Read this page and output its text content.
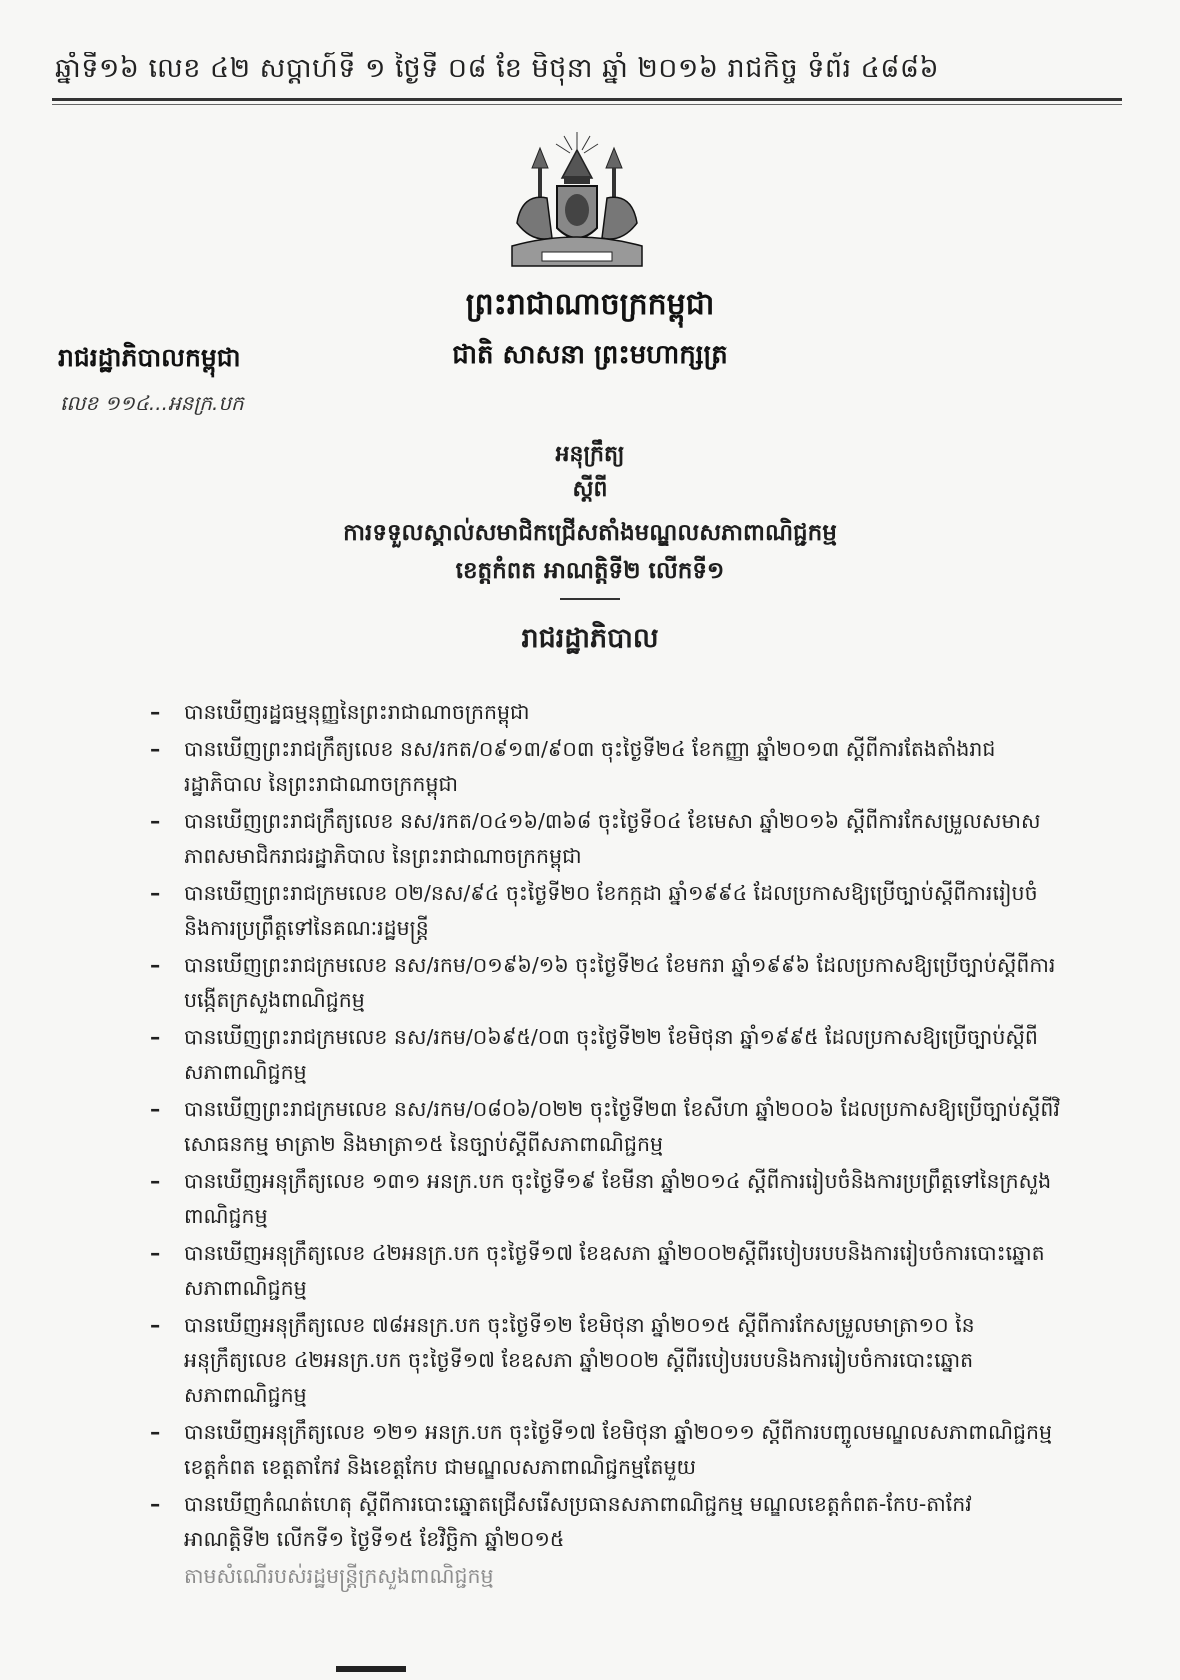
ឆ្នាំទី១៦ លេខ ៤២ សប្ដាហ៍ទី ១ ថ្ងៃទី ០៨ ខែ មិថុនា ឆ្នាំ ២០១៦ រាជកិច្ច ទំព័រ ៤៨៨៦
ព្រះរាជាណាចក្រកម្ពុជា
រាជរដ្ឋាភិបាលកម្ពុជា	ជាតិ សាសនា ព្រះមហាក្សត្រ
លេខ ១១៤...អនក្រ.បក
អនុក្រឹត្យ
ស្ដីពី
ការទទួលស្គាល់សមាជិកជ្រើសតាំងមណ្ឌលសភាពាណិជ្ជកម្ម
ខេត្តកំពត អាណត្តិទី២ លើកទី១
រាជរដ្ឋាភិបាល
– បានឃើញរដ្ឋធម្មនុញ្ញនៃព្រះរាជាណាចក្រកម្ពុជា
– បានឃើញព្រះរាជក្រឹត្យលេខ នស/រកត/០៩១៣/៩០៣ ចុះថ្ងៃទី២៤ ខែកញ្ញា ឆ្នាំ២០១៣ ស្ដីពីការតែងតាំងរាជរដ្ឋាភិបាល នៃព្រះរាជាណាចក្រកម្ពុជា
– បានឃើញព្រះរាជក្រឹត្យលេខ នស/រកត/០៤១៦/៣៦៨ ចុះថ្ងៃទី០៤ ខែមេសា ឆ្នាំ២០១៦ ស្ដីពីការកែសម្រួលសមាសភាពសមាជិករាជរដ្ឋាភិបាល នៃព្រះរាជាណាចក្រកម្ពុជា
– បានឃើញព្រះរាជក្រមលេខ ០២/នស/៩៤ ចុះថ្ងៃទី២០ ខែកក្កដា ឆ្នាំ១៩៩៤ ដែលប្រកាសឱ្យប្រើច្បាប់ស្ដីពីការរៀបចំ និងការប្រព្រឹត្តទៅនៃគណៈរដ្ឋមន្ត្រី
– បានឃើញព្រះរាជក្រមលេខ នស/រកម/០១៩៦/១៦ ចុះថ្ងៃទី២៤ ខែមករា ឆ្នាំ១៩៩៦ ដែលប្រកាសឱ្យប្រើច្បាប់ស្ដីពីការបង្កើតក្រសួងពាណិជ្ជកម្ម
– បានឃើញព្រះរាជក្រមលេខ នស/រកម/០៦៩៥/០៣ ចុះថ្ងៃទី២២ ខែមិថុនា ឆ្នាំ១៩៩៥ ដែលប្រកាសឱ្យប្រើច្បាប់ស្ដីពីសភាពាណិជ្ជកម្ម
– បានឃើញព្រះរាជក្រមលេខ នស/រកម/០៨០៦/០២២ ចុះថ្ងៃទី២៣ ខែសីហា ឆ្នាំ២០០៦ ដែលប្រកាសឱ្យប្រើច្បាប់ស្ដីពីវិសោធនកម្ម មាត្រា២ និងមាត្រា១៥ នៃច្បាប់ស្ដីពីសភាពាណិជ្ជកម្ម
– បានឃើញអនុក្រឹត្យលេខ ១៣១ អនក្រ.បក ចុះថ្ងៃទី១៩ ខែមីនា ឆ្នាំ២០១៤ ស្ដីពីការរៀបចំនិងការប្រព្រឹត្តទៅនៃក្រសួងពាណិជ្ជកម្ម
– បានឃើញអនុក្រឹត្យលេខ ៤២អនក្រ.បក ចុះថ្ងៃទី១៧ ខែឧសភា ឆ្នាំ២០០២ស្ដីពីរបៀបរបបនិងការរៀបចំការបោះឆ្នោតសភាពាណិជ្ជកម្ម
– បានឃើញអនុក្រឹត្យលេខ ៧៨អនក្រ.បក ចុះថ្ងៃទី១២ ខែមិថុនា ឆ្នាំ២០១៥ ស្ដីពីការកែសម្រួលមាត្រា១០ នៃអនុក្រឹត្យលេខ ៤២អនក្រ.បក ចុះថ្ងៃទី១៧ ខែឧសភា ឆ្នាំ២០០២ ស្ដីពីរបៀបរបបនិងការរៀបចំការបោះឆ្នោតសភាពាណិជ្ជកម្ម
– បានឃើញអនុក្រឹត្យលេខ ១២១ អនក្រ.បក ចុះថ្ងៃទី១៧ ខែមិថុនា ឆ្នាំ២០១១ ស្ដីពីការបញ្ចូលមណ្ឌលសភាពាណិជ្ជកម្ម ខេត្តកំពត ខេត្តតាកែវ និងខេត្តកែប ជាមណ្ឌលសភាពាណិជ្ជកម្មតែមួយ
– បានឃើញកំណត់ហេតុ ស្ដីពីការបោះឆ្នោតជ្រើសរើសប្រធានសភាពាណិជ្ជកម្ម មណ្ឌលខេត្តកំពត-កែប-តាកែវ អាណត្តិទី២ លើកទី១ ថ្ងៃទី១៥ ខែវិច្ឆិកា ឆ្នាំ២០១៥
តាមសំណើរបស់រដ្ឋមន្ត្រីក្រសួងពាណិជ្ជកម្ម
